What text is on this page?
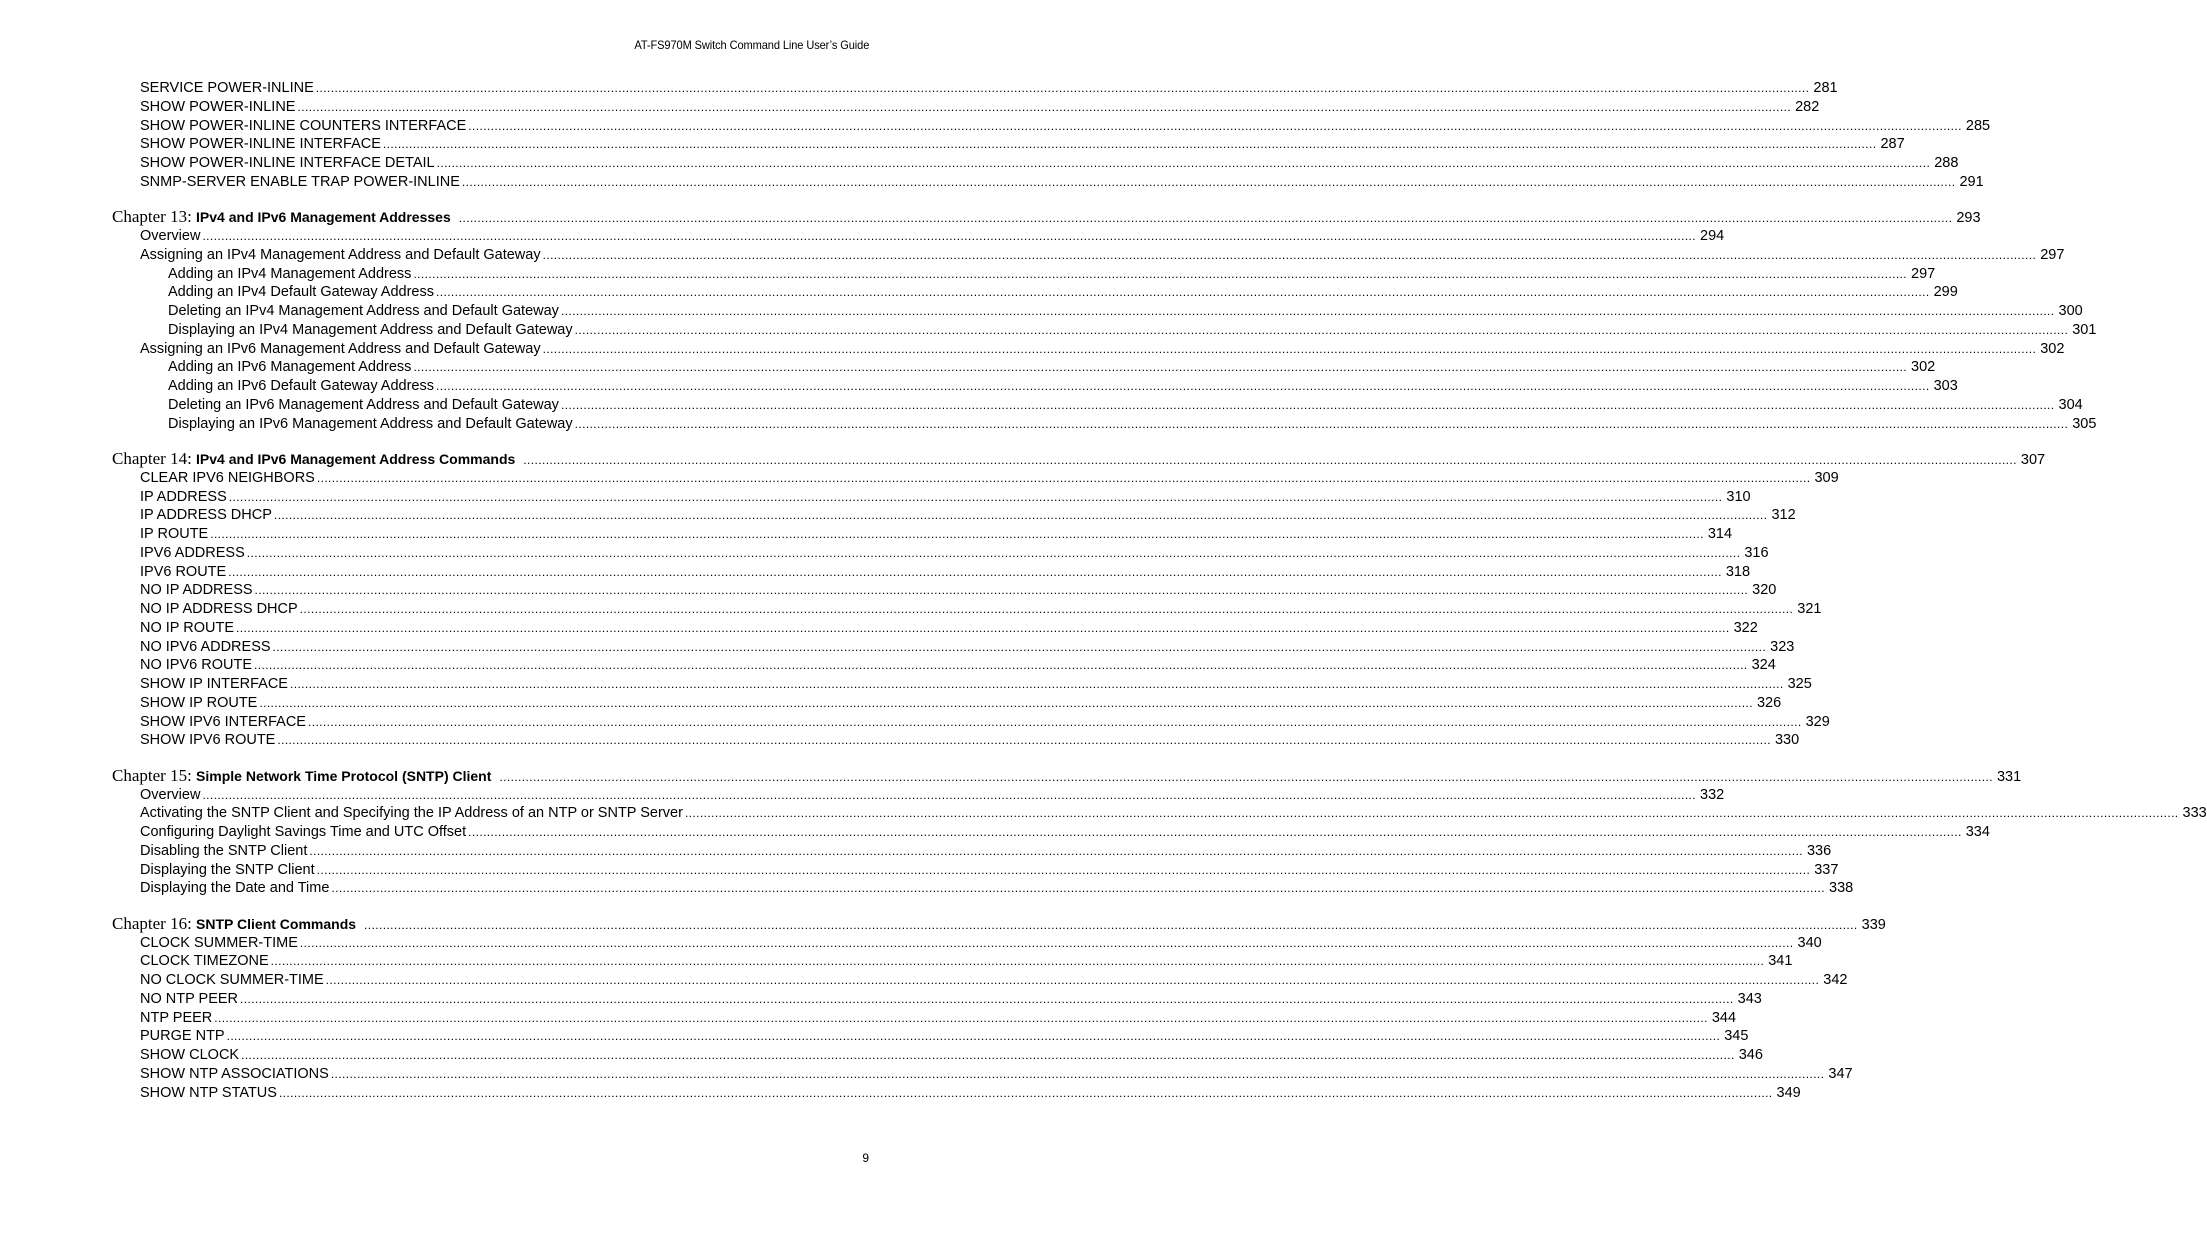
AT-FS970M Switch Command Line User’s Guide
SERVICE POWER-INLINE ................................................................................................................................................................................................................................................................................................................................................................................................................ 281
SHOW POWER-INLINE ................................................................................................................................................................................................................................................................................................................................................................................................................ 282
SHOW POWER-INLINE COUNTERS INTERFACE ................................................................................................................................................................................................................................................................................................................................................................................................................ 285
SHOW POWER-INLINE INTERFACE ................................................................................................................................................................................................................................................................................................................................................................................................................ 287
SHOW POWER-INLINE INTERFACE DETAIL ................................................................................................................................................................................................................................................................................................................................................................................................................ 288
SNMP-SERVER ENABLE TRAP POWER-INLINE ................................................................................................................................................................................................................................................................................................................................................................................................................ 291
Chapter 13: IPv4 and IPv6 Management Addresses ................................................................................................................................................................................................................................................................................................................................................................................................................ 293
Overview ................................................................................................................................................................................................................................................................................................................................................................................................................ 294
Assigning an IPv4 Management Address and Default Gateway ................................................................................................................................................................................................................................................................................................................................................................................................................ 297
Adding an IPv4 Management Address ................................................................................................................................................................................................................................................................................................................................................................................................................ 297
Adding an IPv4 Default Gateway Address ................................................................................................................................................................................................................................................................................................................................................................................................................ 299
Deleting an IPv4 Management Address and Default Gateway ................................................................................................................................................................................................................................................................................................................................................................................................................ 300
Displaying an IPv4 Management Address and Default Gateway ................................................................................................................................................................................................................................................................................................................................................................................................................ 301
Assigning an IPv6 Management Address and Default Gateway ................................................................................................................................................................................................................................................................................................................................................................................................................ 302
Adding an IPv6 Management Address ................................................................................................................................................................................................................................................................................................................................................................................................................ 302
Adding an IPv6 Default Gateway Address ................................................................................................................................................................................................................................................................................................................................................................................................................ 303
Deleting an IPv6 Management Address and Default Gateway ................................................................................................................................................................................................................................................................................................................................................................................................................ 304
Displaying an IPv6 Management Address and Default Gateway ................................................................................................................................................................................................................................................................................................................................................................................................................ 305
Chapter 14: IPv4 and IPv6 Management Address Commands ................................................................................................................................................................................................................................................................................................................................................................................................................ 307
CLEAR IPV6 NEIGHBORS ................................................................................................................................................................................................................................................................................................................................................................................................................ 309
IP ADDRESS ................................................................................................................................................................................................................................................................................................................................................................................................................ 310
IP ADDRESS DHCP ................................................................................................................................................................................................................................................................................................................................................................................................................ 312
IP ROUTE ................................................................................................................................................................................................................................................................................................................................................................................................................ 314
IPV6 ADDRESS ................................................................................................................................................................................................................................................................................................................................................................................................................ 316
IPV6 ROUTE ................................................................................................................................................................................................................................................................................................................................................................................................................ 318
NO IP ADDRESS ................................................................................................................................................................................................................................................................................................................................................................................................................ 320
NO IP ADDRESS DHCP ................................................................................................................................................................................................................................................................................................................................................................................................................ 321
NO IP ROUTE ................................................................................................................................................................................................................................................................................................................................................................................................................ 322
NO IPV6 ADDRESS ................................................................................................................................................................................................................................................................................................................................................................................................................ 323
NO IPV6 ROUTE ................................................................................................................................................................................................................................................................................................................................................................................................................ 324
SHOW IP INTERFACE ................................................................................................................................................................................................................................................................................................................................................................................................................ 325
SHOW IP ROUTE ................................................................................................................................................................................................................................................................................................................................................................................................................ 326
SHOW IPV6 INTERFACE ................................................................................................................................................................................................................................................................................................................................................................................................................ 329
SHOW IPV6 ROUTE ................................................................................................................................................................................................................................................................................................................................................................................................................ 330
Chapter 15: Simple Network Time Protocol (SNTP) Client ................................................................................................................................................................................................................................................................................................................................................................................................................ 331
Overview ................................................................................................................................................................................................................................................................................................................................................................................................................ 332
Activating the SNTP Client and Specifying the IP Address of an NTP or SNTP Server ................................................................................................................................................................................................................................................................................................................................................................................................................ 333
Configuring Daylight Savings Time and UTC Offset ................................................................................................................................................................................................................................................................................................................................................................................................................ 334
Disabling the SNTP Client ................................................................................................................................................................................................................................................................................................................................................................................................................ 336
Displaying the SNTP Client ................................................................................................................................................................................................................................................................................................................................................................................................................ 337
Displaying the Date and Time ................................................................................................................................................................................................................................................................................................................................................................................................................ 338
Chapter 16: SNTP Client Commands ................................................................................................................................................................................................................................................................................................................................................................................................................ 339
CLOCK SUMMER-TIME ................................................................................................................................................................................................................................................................................................................................................................................................................ 340
CLOCK TIMEZONE ................................................................................................................................................................................................................................................................................................................................................................................................................ 341
NO CLOCK SUMMER-TIME ................................................................................................................................................................................................................................................................................................................................................................................................................ 342
NO NTP PEER ................................................................................................................................................................................................................................................................................................................................................................................................................ 343
NTP PEER ................................................................................................................................................................................................................................................................................................................................................................................................................ 344
PURGE NTP ................................................................................................................................................................................................................................................................................................................................................................................................................ 345
SHOW CLOCK ................................................................................................................................................................................................................................................................................................................................................................................................................ 346
SHOW NTP ASSOCIATIONS ................................................................................................................................................................................................................................................................................................................................................................................................................ 347
SHOW NTP STATUS ................................................................................................................................................................................................................................................................................................................................................................................................................ 349
9
